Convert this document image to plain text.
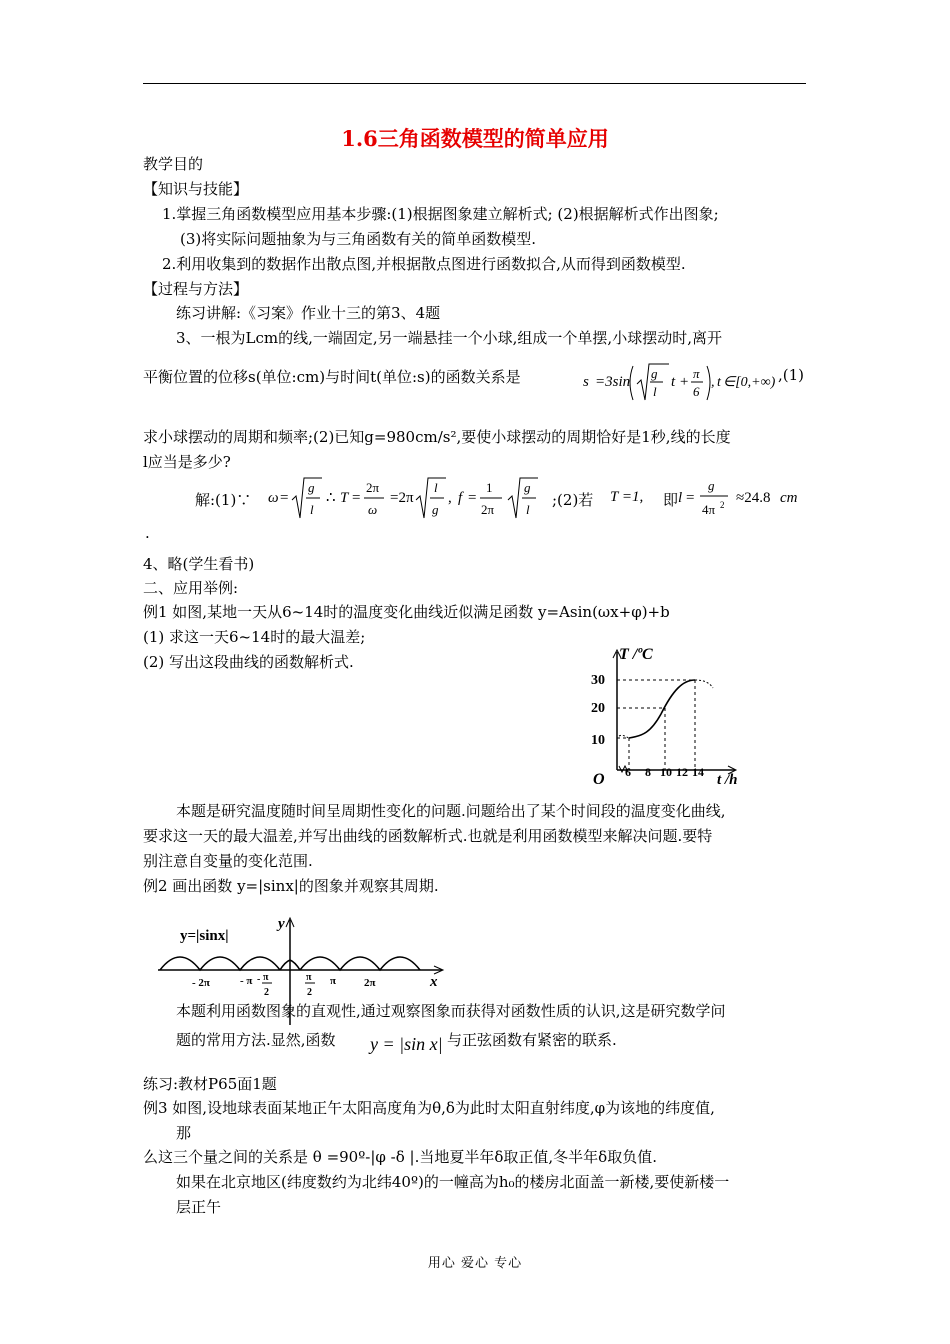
1.6三角函数模型的简单应用
教学目的
【知识与技能】
1.掌握三角函数模型应用基本步骤:(1)根据图象建立解析式; (2)根据解析式作出图象;
(3)将实际问题抽象为与三角函数有关的简单函数模型.
2.利用收集到的数据作出散点图,并根据散点图进行函数拟合,从而得到函数模型.
【过程与方法】
练习讲解:《习案》作业十三的第3、4题
3、一根为Lcm的线,一端固定,另一端悬挂一个小球,组成一个单摆,小球摆动时,离开
平衡位置的位移s(单位:cm)与时间t(单位:s)的函数关系是	s =3sin
g
l
t +
π
6
, t ∈[0,+∞) ,(1)
求小球摆动的周期和频率;(2)已知g=980cm/s²,要使小球摆动的周期恰好是1秒,线的长度
l应当是多少?
解:(1)∵ ω =
g
l
∴ T =
2π
ω
=2π
l
g
, f =
1
2π
g
l
;(2)若 T =1, 即 l =
g
4π 2 ≈24.8 cm
.
4、略(学生看书)
二、应用举例:
例1 如图,某地一天从6~14时的温度变化曲线近似满足函数 y=Asin(ωx+φ)+b
(1) 求这一天6~14时的最大温差;
(2) 写出这段曲线的函数解析式.	T /ºC
t /h
O
30
20
10
6 8 10 12 14
本题是研究温度随时间呈周期性变化的问题.问题给出了某个时间段的温度变化曲线,
要求这一天的最大温差,并写出曲线的函数解析式.也就是利用函数模型来解决问题.要特
别注意自变量的变化范围.
例2 画出函数 y=|sinx|的图象并观察其周期.
y=|sinx|
y
x
- 2π	- π - π
2
π
2
π	2π
本题利用函数图象的直观性,通过观察图象而获得对函数性质的认识,这是研究数学问
题的常用方法.显然,函数 y = |sin x| 与正弦函数有紧密的联系.
练习:教材P65面1题
例3 如图,设地球表面某地正午太阳高度角为θ,δ为此时太阳直射纬度,φ为该地的纬度值,
那
么这三个量之间的关系是 θ =90º-|φ -δ |.当地夏半年δ取正值,冬半年δ取负值.
如果在北京地区(纬度数约为北纬40º)的一幢高为h₀的楼房北面盖一新楼,要使新楼一
层正午
用心 爱心 专心
